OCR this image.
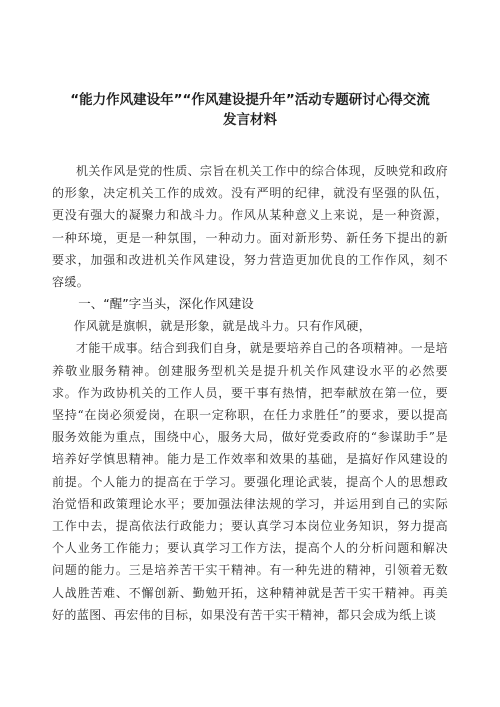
“能力作风建设年”“作风建设提升年”活动专题研讨心得交流
发言材料

机关作风是党的性质、宗旨在机关工作中的综合体现，反映党和政府的形象，决定机关工作的成效。没有严明的纪律，就没有坚强的队伍，更没有强大的凝聚力和战斗力。作风从某种意义上来说，是一种资源，一种环境，更是一种氛围，一种动力。面对新形势、新任务下提出的新要求，加强和改进机关作风建设，努力营造更加优良的工作作风，刻不容缓。

一、“醒”字当头，深化作风建设

作风就是旗帜，就是形象，就是战斗力。只有作风硬，

才能干成事。结合到我们自身，就是要培养自己的各项精神。一是培养敬业服务精神。创建服务型机关是提升机关作风建设水平的必然要求。作为政协机关的工作人员，要干事有热情，把奉献放在第一位，要坚持“在岗必须爱岗，在职一定称职，在任力求胜任”的要求，要以提高服务效能为重点，围绕中心，服务大局，做好党委政府的“参谋助手”是培养好学慎思精神。能力是工作效率和效果的基础，是搞好作风建设的前提。个人能力的提高在于学习。要强化理论武装，提高个人的思想政治觉悟和政策理论水平；要加强法律法规的学习，并运用到自己的实际工作中去，提高依法行政能力；要认真学习本岗位业务知识，努力提高个人业务工作能力；要认真学习工作方法，提高个人的分析问题和解决问题的能力。三是培养苦干实干精神。有一种先进的精神，引领着无数人战胜苦难、不懈创新、勤勉开拓，这种精神就是苦干实干精神。再美好的蓝图、再宏伟的目标，如果没有苦干实干精神，都只会成为纸上谈
